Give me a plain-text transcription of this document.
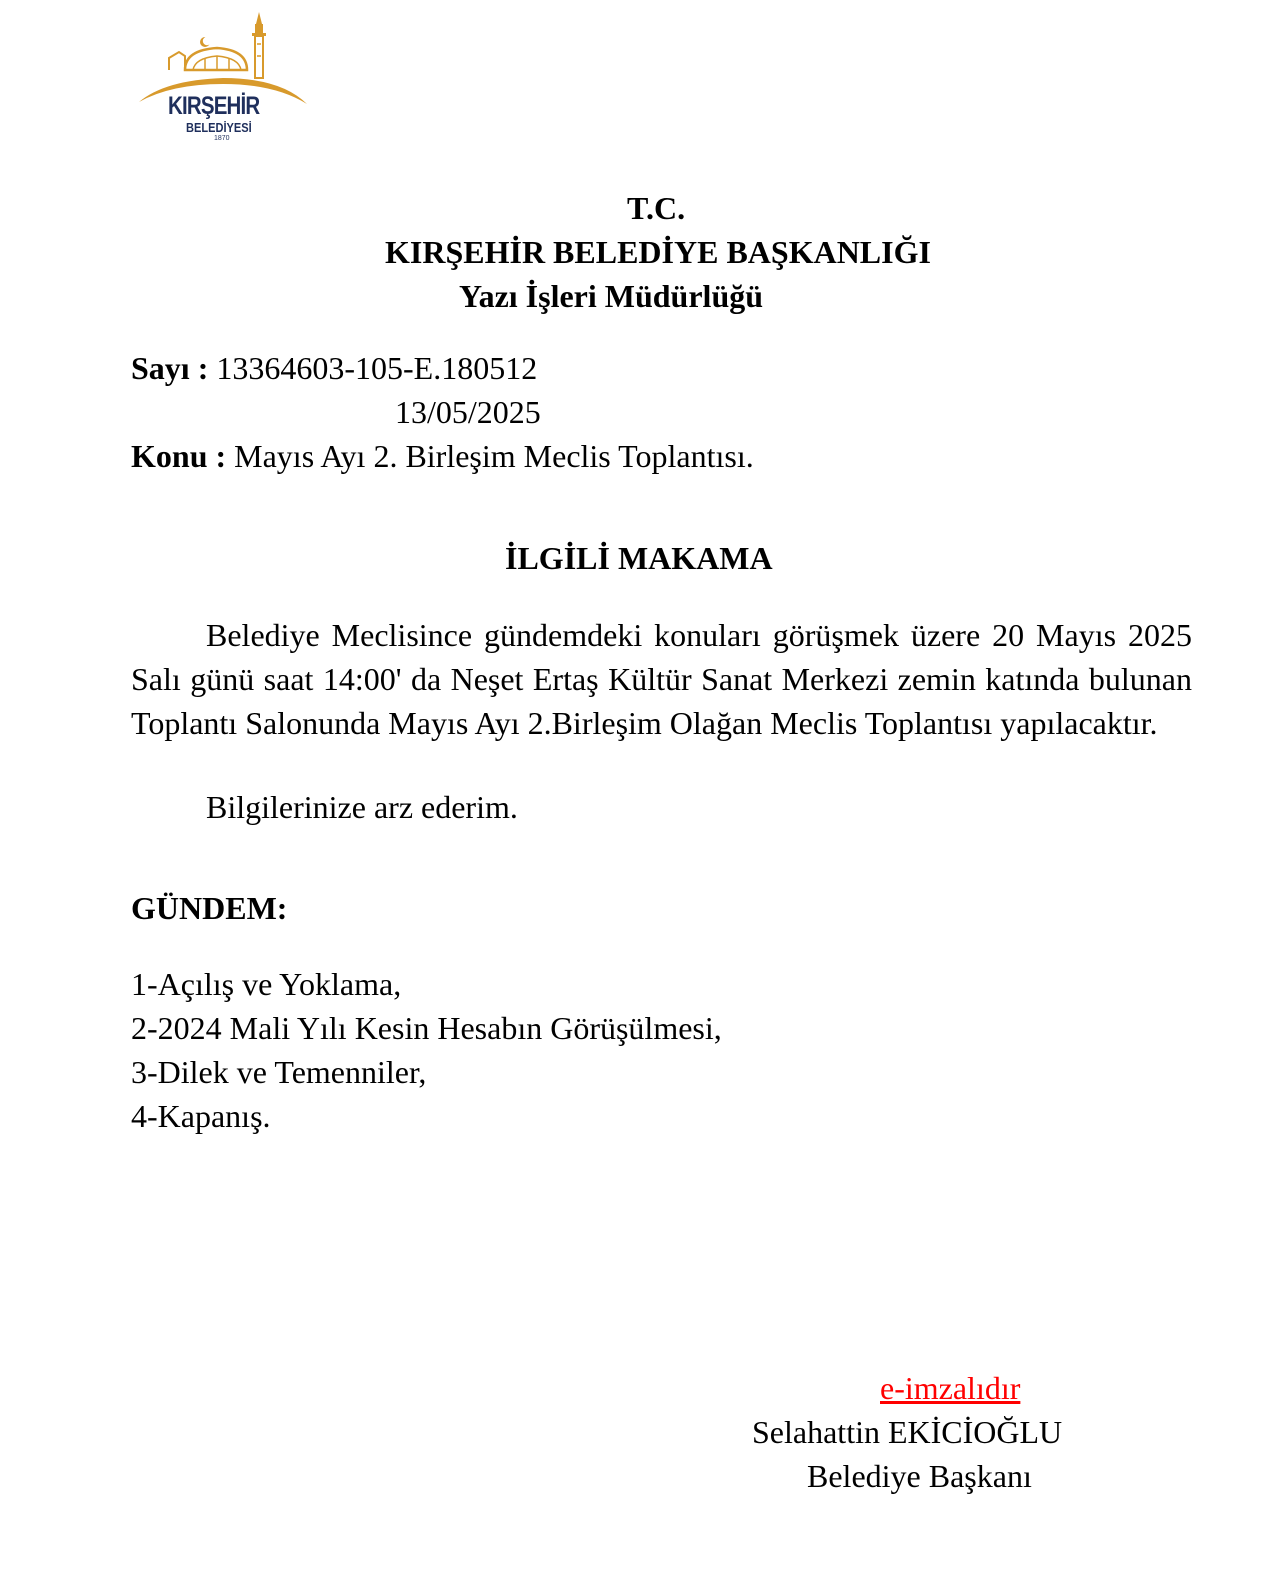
KIRŞEHİR
BELEDİYESİ
1870
T.C.
KIRŞEHİR BELEDİYE BAŞKANLIĞI
Yazı İşleri Müdürlüğü
Sayı : 13364603-105-E.180512
13/05/2025
Konu : Mayıs Ayı 2. Birleşim Meclis Toplantısı.
İLGİLİ MAKAMA

Belediye Meclisince gündemdeki konuları görüşmek üzere 20 Mayıs 2025 Salı günü saat 14:00' da Neşet Ertaş Kültür Sanat Merkezi zemin katında bulunan Toplantı Salonunda Mayıs Ayı 2.Birleşim Olağan Meclis Toplantısı yapılacaktır.

Bilgilerinize arz ederim.
GÜNDEM:
1-Açılış ve Yoklama,
2-2024 Mali Yılı Kesin Hesabın Görüşülmesi,
3-Dilek ve Temenniler,
4-Kapanış.
e-imzalıdır
Selahattin EKİCİOĞLU
Belediye Başkanı
